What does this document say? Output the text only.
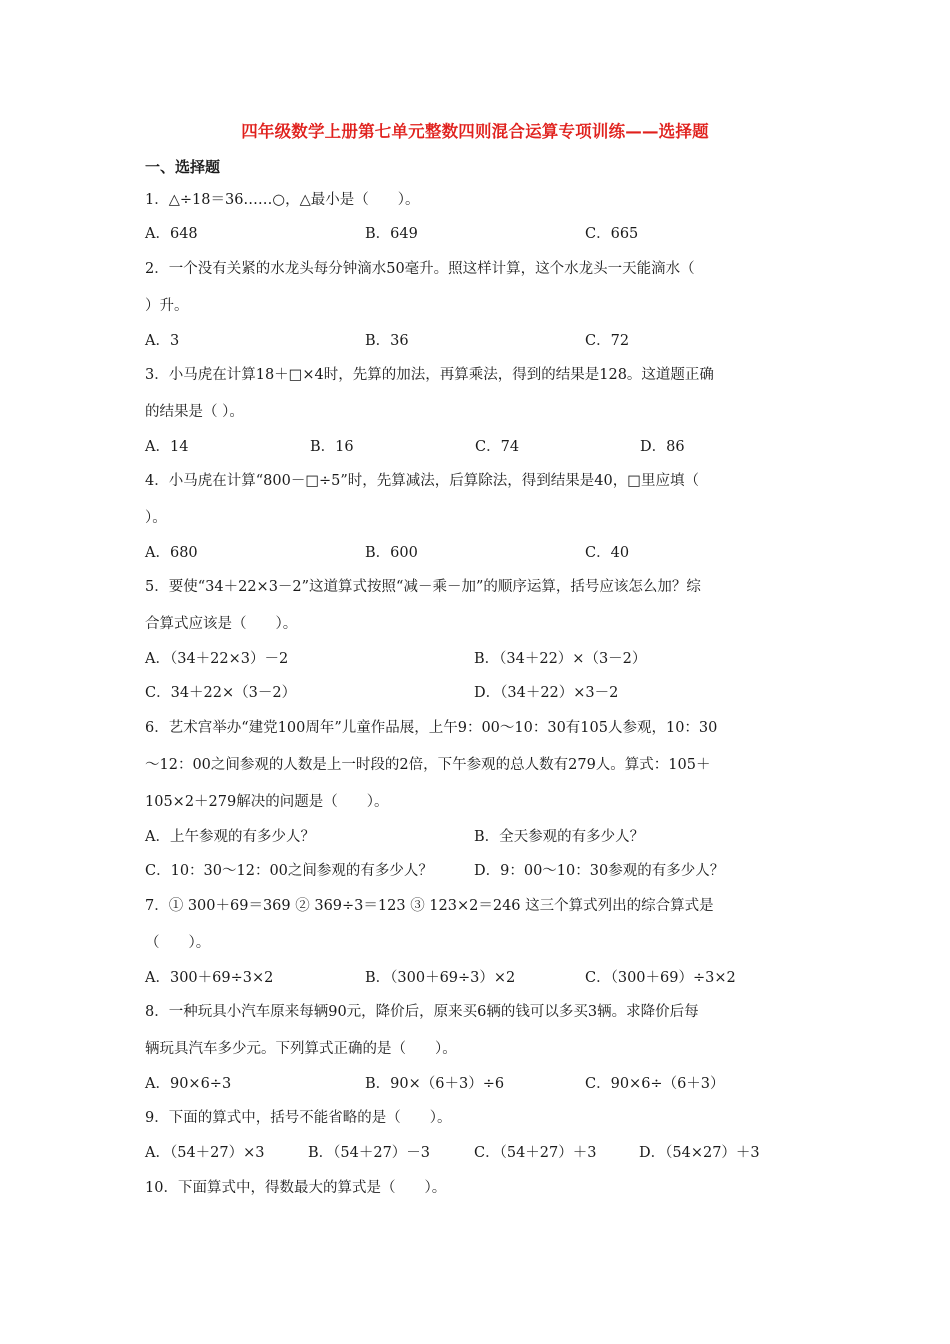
四年级数学上册第七单元整数四则混合运算专项训练——选择题
一、选择题
1．△÷18＝36……○，△最小是（　　）。
A．648	B．649	C．665
2．一个没有关紧的水龙头每分钟滴水50毫升。照这样计算，这个水龙头一天能滴水（
）升。
A．3	B．36	C．72
3．小马虎在计算18＋□×4时，先算的加法，再算乘法，得到的结果是128。这道题正确
的结果是（ ）。
A．14	B．16	C．74	D．86
4．小马虎在计算“800－□÷5”时，先算减法，后算除法，得到结果是40，□里应填（
）。
A．680	B．600	C．40
5．要使“34＋22×3－2”这道算式按照“减－乘－加”的顺序运算，括号应该怎么加？综
合算式应该是（　　）。
A．（34＋22×3）－2	B．（34＋22）×（3－2）
C．34＋22×（3－2）	D．（34＋22）×3－2
6．艺术宫举办“建党100周年”儿童作品展，上午9：00～10：30有105人参观，10：30
～12：00之间参观的人数是上一时段的2倍，下午参观的总人数有279人。算式：105＋
105×2＋279解决的问题是（　　）。
A．上午参观的有多少人？	B．全天参观的有多少人？
C．10：30～12：00之间参观的有多少人？	D．9：00～10：30参观的有多少人？
7．① 300＋69＝369 ② 369÷3＝123 ③ 123×2＝246 这三个算式列出的综合算式是
（　　）。
A．300＋69÷3×2	B．（300＋69÷3）×2	C．（300＋69）÷3×2
8．一种玩具小汽车原来每辆90元，降价后，原来买6辆的钱可以多买3辆。求降价后每
辆玩具汽车多少元。下列算式正确的是（　　）。
A．90×6÷3	B．90×（6＋3）÷6	C．90×6÷（6＋3）
9．下面的算式中，括号不能省略的是（　　）。
A．（54＋27）×3	B．（54＋27）－3	C．（54＋27）＋3	D．（54×27）＋3
10．下面算式中，得数最大的算式是（　　）。
